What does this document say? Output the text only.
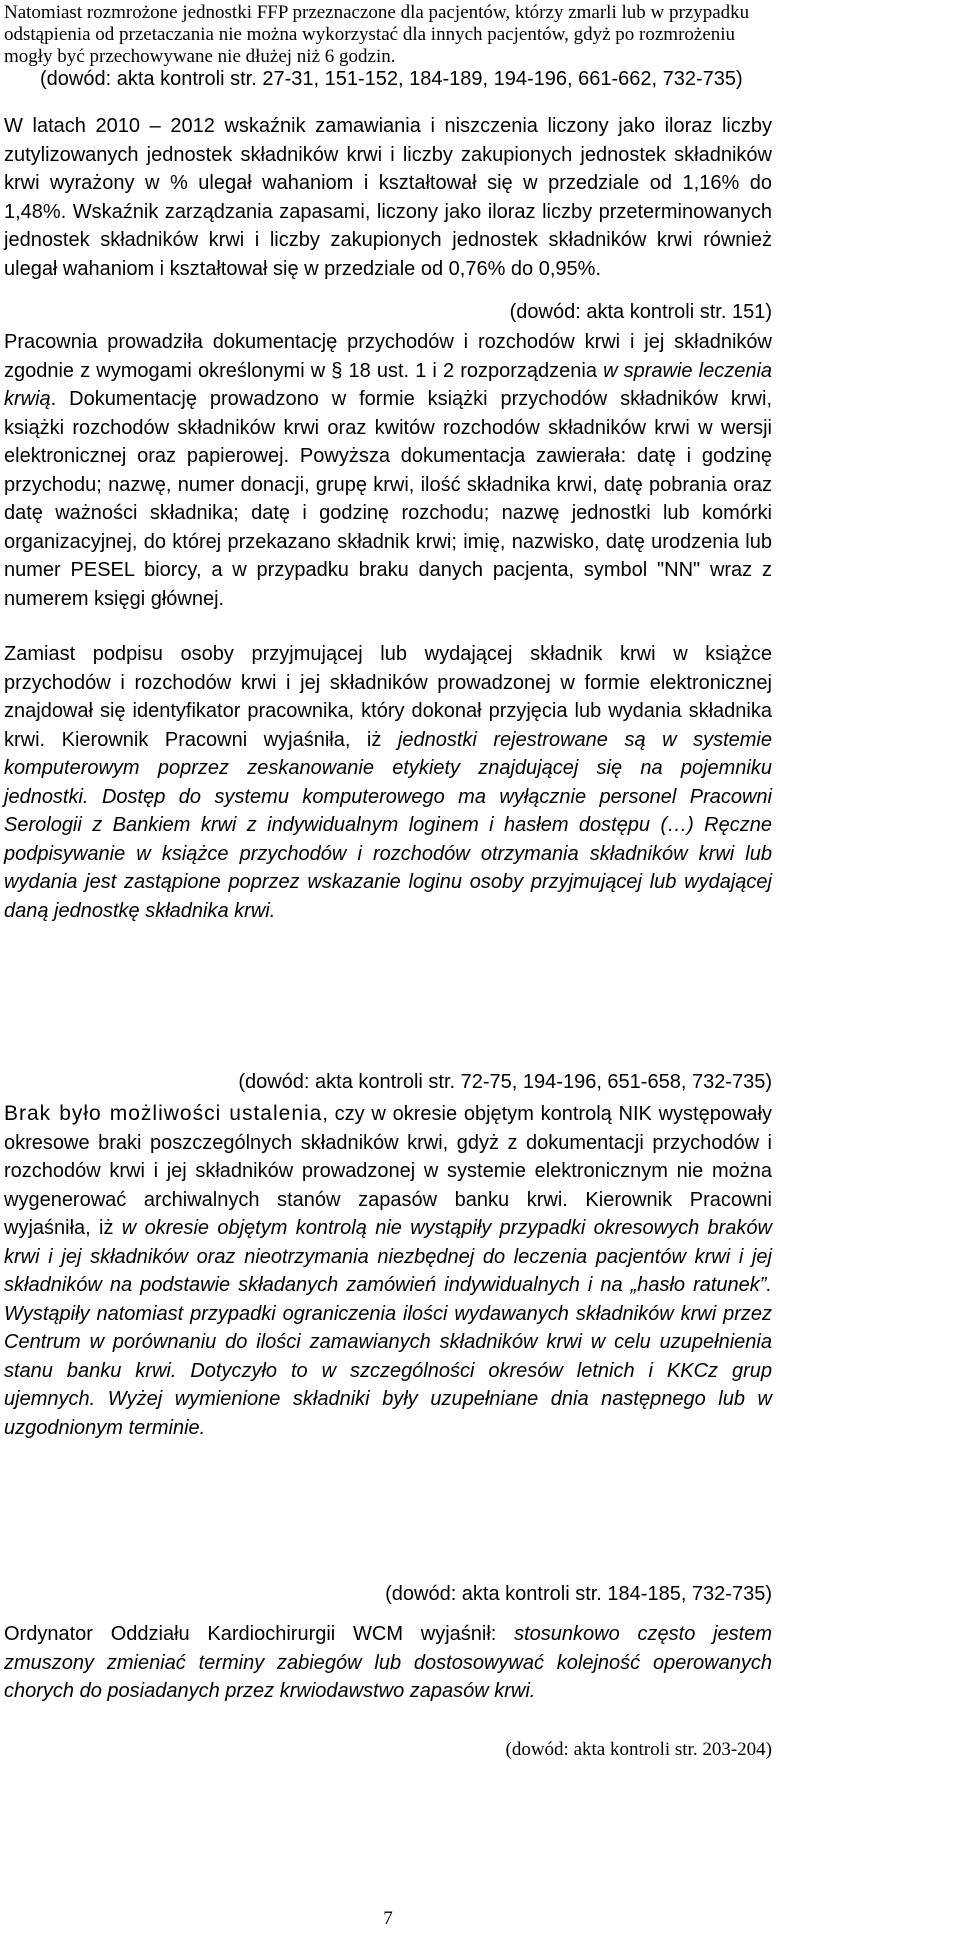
Natomiast rozmrożone jednostki FFP przeznaczone dla pacjentów, którzy zmarli lub w przypadku odstąpienia od przetaczania nie można wykorzystać dla innych pacjentów, gdyż po rozmrożeniu mogły być przechowywane nie dłużej niż 6 godzin.
(dowód: akta kontroli str. 27-31, 151-152, 184-189, 194-196, 661-662, 732-735)
W latach 2010 – 2012 wskaźnik zamawiania i niszczenia liczony jako iloraz liczby zutylizowanych jednostek składników krwi i liczby zakupionych jednostek składników krwi wyrażony w % ulegał wahaniom i kształtował się w przedziale od 1,16% do 1,48%. Wskaźnik zarządzania zapasami, liczony jako iloraz liczby przeterminowanych jednostek składników krwi i liczby zakupionych jednostek składników krwi również ulegał wahaniom i kształtował się w przedziale od 0,76% do 0,95%.
(dowód: akta kontroli str. 151)
Pracownia prowadziła dokumentację przychodów i rozchodów krwi i jej składników zgodnie z wymogami określonymi w § 18 ust. 1 i 2 rozporządzenia w sprawie leczenia krwią. Dokumentację prowadzono w formie książki przychodów składników krwi, książki rozchodów składników krwi oraz kwitów rozchodów składników krwi w wersji elektronicznej oraz papierowej. Powyższa dokumentacja zawierała: datę i godzinę przychodu; nazwę, numer donacji, grupę krwi, ilość składnika krwi, datę pobrania oraz datę ważności składnika; datę i godzinę rozchodu; nazwę jednostki lub komórki organizacyjnej, do której przekazano składnik krwi; imię, nazwisko, datę urodzenia lub numer PESEL biorcy, a w przypadku braku danych pacjenta, symbol "NN" wraz z numerem księgi głównej.
Zamiast podpisu osoby przyjmującej lub wydającej składnik krwi w książce przychodów i rozchodów krwi i jej składników prowadzonej w formie elektronicznej znajdował się identyfikator pracownika, który dokonał przyjęcia lub wydania składnika krwi. Kierownik Pracowni wyjaśniła, iż jednostki rejestrowane są w systemie komputerowym poprzez zeskanowanie etykiety znajdującej się na pojemniku jednostki. Dostęp do systemu komputerowego ma wyłącznie personel Pracowni Serologii z Bankiem krwi z indywidualnym loginem i hasłem dostępu (…) Ręczne podpisywanie w książce przychodów i rozchodów otrzymania składników krwi lub wydania jest zastąpione poprzez wskazanie loginu osoby przyjmującej lub wydającej daną jednostkę składnika krwi.
(dowód: akta kontroli str. 72-75, 194-196, 651-658, 732-735)
Brak było możliwości ustalenia, czy w okresie objętym kontrolą NIK występowały okresowe braki poszczególnych składników krwi, gdyż z dokumentacji przychodów i rozchodów krwi i jej składników prowadzonej w systemie elektronicznym nie można wygenerować archiwalnych stanów zapasów banku krwi. Kierownik Pracowni wyjaśniła, iż w okresie objętym kontrolą nie wystąpiły przypadki okresowych braków krwi i jej składników oraz nieotrzymania niezbędnej do leczenia pacjentów krwi i jej składników na podstawie składanych zamówień indywidualnych i na „hasło ratunek”. Wystąpiły natomiast przypadki ograniczenia ilości wydawanych składników krwi przez Centrum w porównaniu do ilości zamawianych składników krwi w celu uzupełnienia stanu banku krwi. Dotyczyło to w szczególności okresów letnich i KKCz grup ujemnych. Wyżej wymienione składniki były uzupełniane dnia następnego lub w uzgodnionym terminie.
(dowód: akta kontroli str. 184-185, 732-735)
Ordynator Oddziału Kardiochirurgii WCM wyjaśnił: stosunkowo często jestem zmuszony zmieniać terminy zabiegów lub dostosowywać kolejność operowanych chorych do posiadanych przez krwiodawstwo zapasów krwi.
(dowód: akta kontroli str. 203-204)
7
